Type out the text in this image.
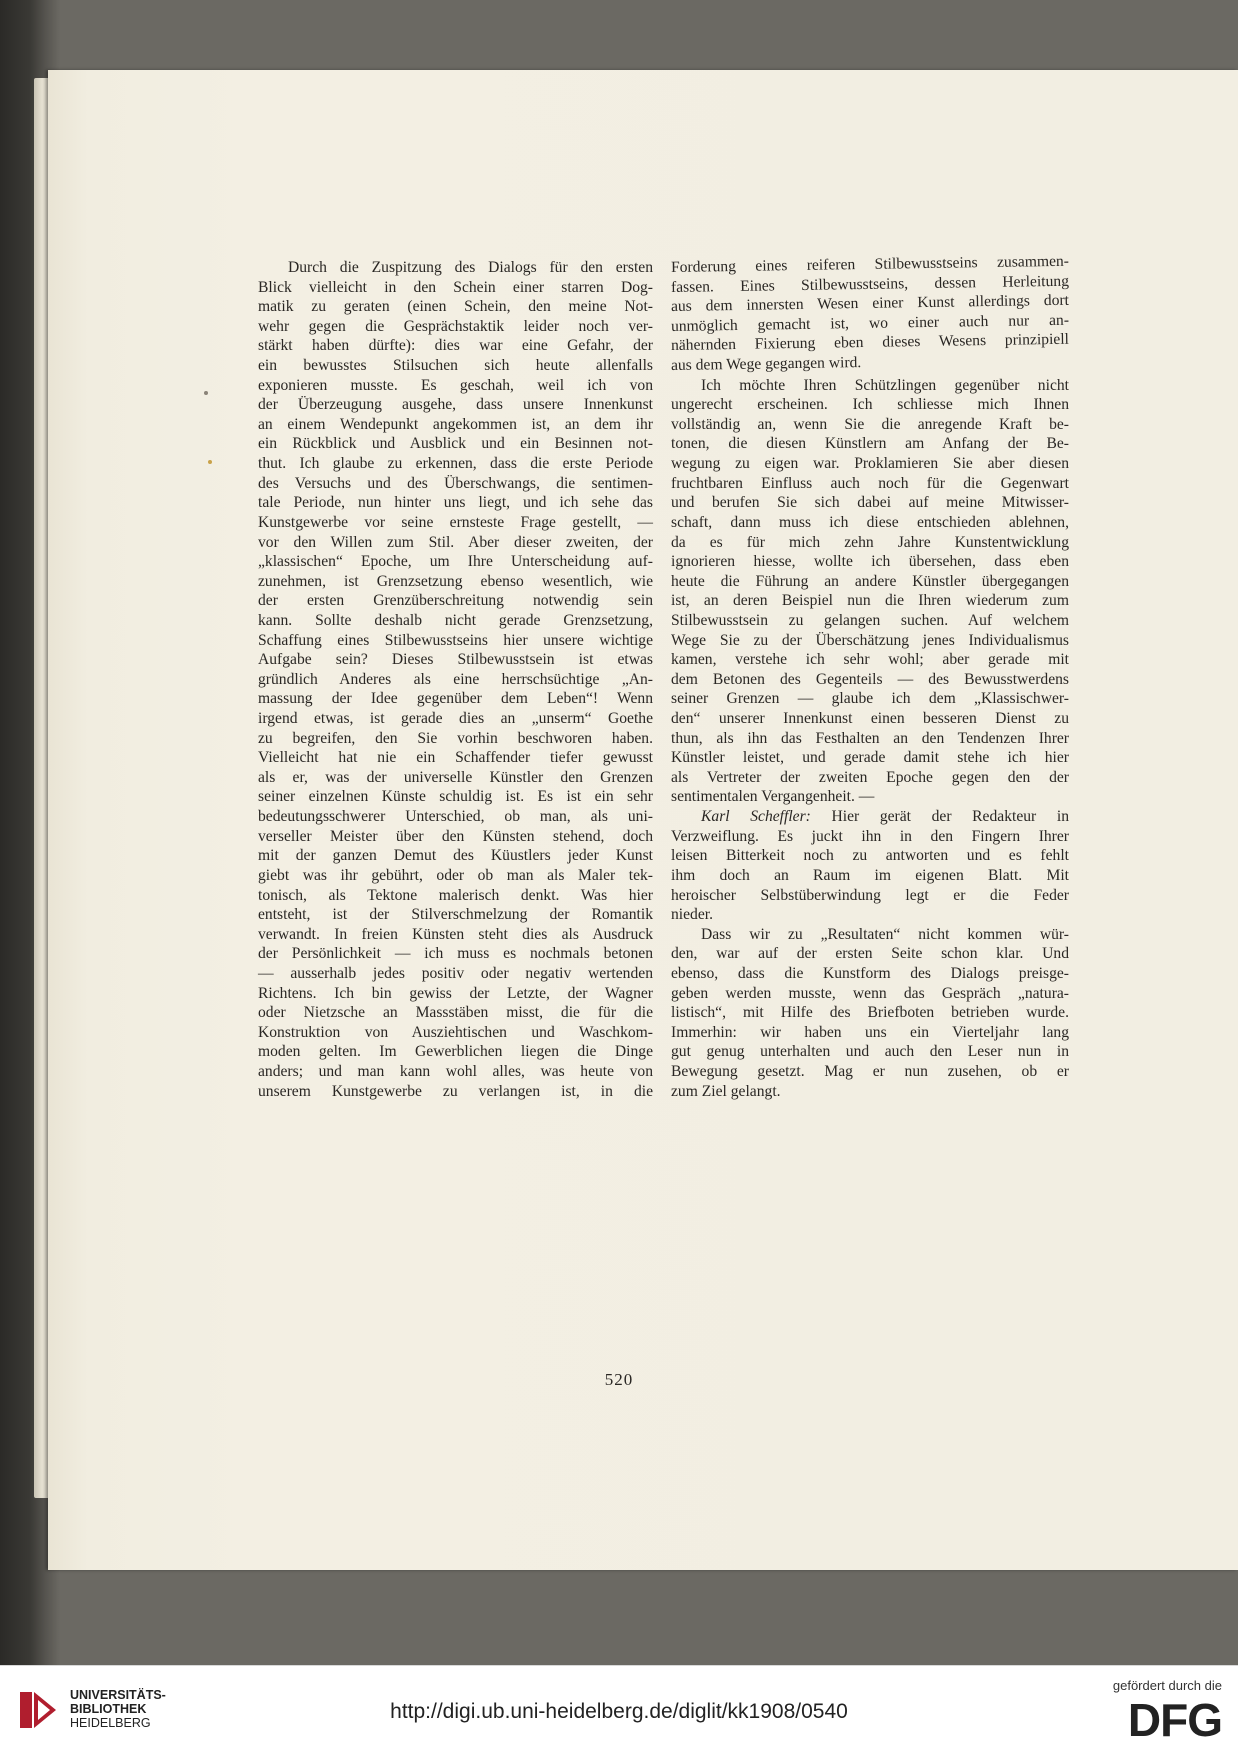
Durch die Zuspitzung des Dialogs für den ersten
Blick vielleicht in den Schein einer starren Dog-
matik zu geraten (einen Schein, den meine Not-
wehr gegen die Gesprächstaktik leider noch ver-
stärkt haben dürfte): dies war eine Gefahr, der
ein bewusstes Stilsuchen sich heute allenfalls
exponieren musste. Es geschah, weil ich von
der Überzeugung ausgehe, dass unsere Innenkunst
an einem Wendepunkt angekommen ist, an dem ihr
ein Rückblick und Ausblick und ein Besinnen not-
thut. Ich glaube zu erkennen, dass die erste Periode
des Versuchs und des Überschwangs, die sentimen-
tale Periode, nun hinter uns liegt, und ich sehe das
Kunstgewerbe vor seine ernsteste Frage gestellt, —
vor den Willen zum Stil. Aber dieser zweiten, der
„klassischen“ Epoche, um Ihre Unterscheidung auf-
zunehmen, ist Grenzsetzung ebenso wesentlich, wie
der ersten Grenzüberschreitung notwendig sein
kann. Sollte deshalb nicht gerade Grenzsetzung,
Schaffung eines Stilbewusstseins hier unsere wichtige
Aufgabe sein? Dieses Stilbewusstsein ist etwas
gründlich Anderes als eine herrschsüchtige „An-
massung der Idee gegenüber dem Leben“! Wenn
irgend etwas, ist gerade dies an „unserm“ Goethe
zu begreifen, den Sie vorhin beschworen haben.
Vielleicht hat nie ein Schaffender tiefer gewusst
als er, was der universelle Künstler den Grenzen
seiner einzelnen Künste schuldig ist. Es ist ein sehr
bedeutungsschwerer Unterschied, ob man, als uni-
verseller Meister über den Künsten stehend, doch
mit der ganzen Demut des Küustlers jeder Kunst
giebt was ihr gebührt, oder ob man als Maler tek-
tonisch, als Tektone malerisch denkt. Was hier
entsteht, ist der Stilverschmelzung der Romantik
verwandt. In freien Künsten steht dies als Ausdruck
der Persönlichkeit — ich muss es nochmals betonen
— ausserhalb jedes positiv oder negativ wertenden
Richtens. Ich bin gewiss der Letzte, der Wagner
oder Nietzsche an Massstäben misst, die für die
Konstruktion von Ausziehtischen und Waschkom-
moden gelten. Im Gewerblichen liegen die Dinge
anders; und man kann wohl alles, was heute von
unserem Kunstgewerbe zu verlangen ist, in die
Forderung eines reiferen Stilbewusstseins zusammen-
fassen. Eines Stilbewusstseins, dessen Herleitung
aus dem innersten Wesen einer Kunst allerdings dort
unmöglich gemacht ist, wo einer auch nur an-
nähernden Fixierung eben dieses Wesens prinzipiell
aus dem Wege gegangen wird.
Ich möchte Ihren Schützlingen gegenüber nicht
ungerecht erscheinen. Ich schliesse mich Ihnen
vollständig an, wenn Sie die anregende Kraft be-
tonen, die diesen Künstlern am Anfang der Be-
wegung zu eigen war. Proklamieren Sie aber diesen
fruchtbaren Einfluss auch noch für die Gegenwart
und berufen Sie sich dabei auf meine Mitwisser-
schaft, dann muss ich diese entschieden ablehnen,
da es für mich zehn Jahre Kunstentwicklung
ignorieren hiesse, wollte ich übersehen, dass eben
heute die Führung an andere Künstler übergegangen
ist, an deren Beispiel nun die Ihren wiederum zum
Stilbewusstsein zu gelangen suchen. Auf welchem
Wege Sie zu der Überschätzung jenes Individualismus
kamen, verstehe ich sehr wohl; aber gerade mit
dem Betonen des Gegenteils — des Bewusstwerdens
seiner Grenzen — glaube ich dem „Klassischwer-
den“ unserer Innenkunst einen besseren Dienst zu
thun, als ihn das Festhalten an den Tendenzen Ihrer
Künstler leistet, und gerade damit stehe ich hier
als Vertreter der zweiten Epoche gegen den der
sentimentalen Vergangenheit. —
Karl Scheffler: Hier gerät der Redakteur in
Verzweiflung. Es juckt ihn in den Fingern Ihrer
leisen Bitterkeit noch zu antworten und es fehlt
ihm doch an Raum im eigenen Blatt. Mit
heroischer Selbstüberwindung legt er die Feder
nieder.
Dass wir zu „Resultaten“ nicht kommen wür-
den, war auf der ersten Seite schon klar. Und
ebenso, dass die Kunstform des Dialogs preisge-
geben werden musste, wenn das Gespräch „natura-
listisch“, mit Hilfe des Briefboten betrieben wurde.
Immerhin: wir haben uns ein Vierteljahr lang
gut genug unterhalten und auch den Leser nun in
Bewegung gesetzt. Mag er nun zusehen, ob er
zum Ziel gelangt.
520
UNIVERSITÄTS-
BIBLIOTHEK
HEIDELBERG	http://digi.ub.uni-heidelberg.de/diglit/kk1908/0540
gefördert durch die
DFG
